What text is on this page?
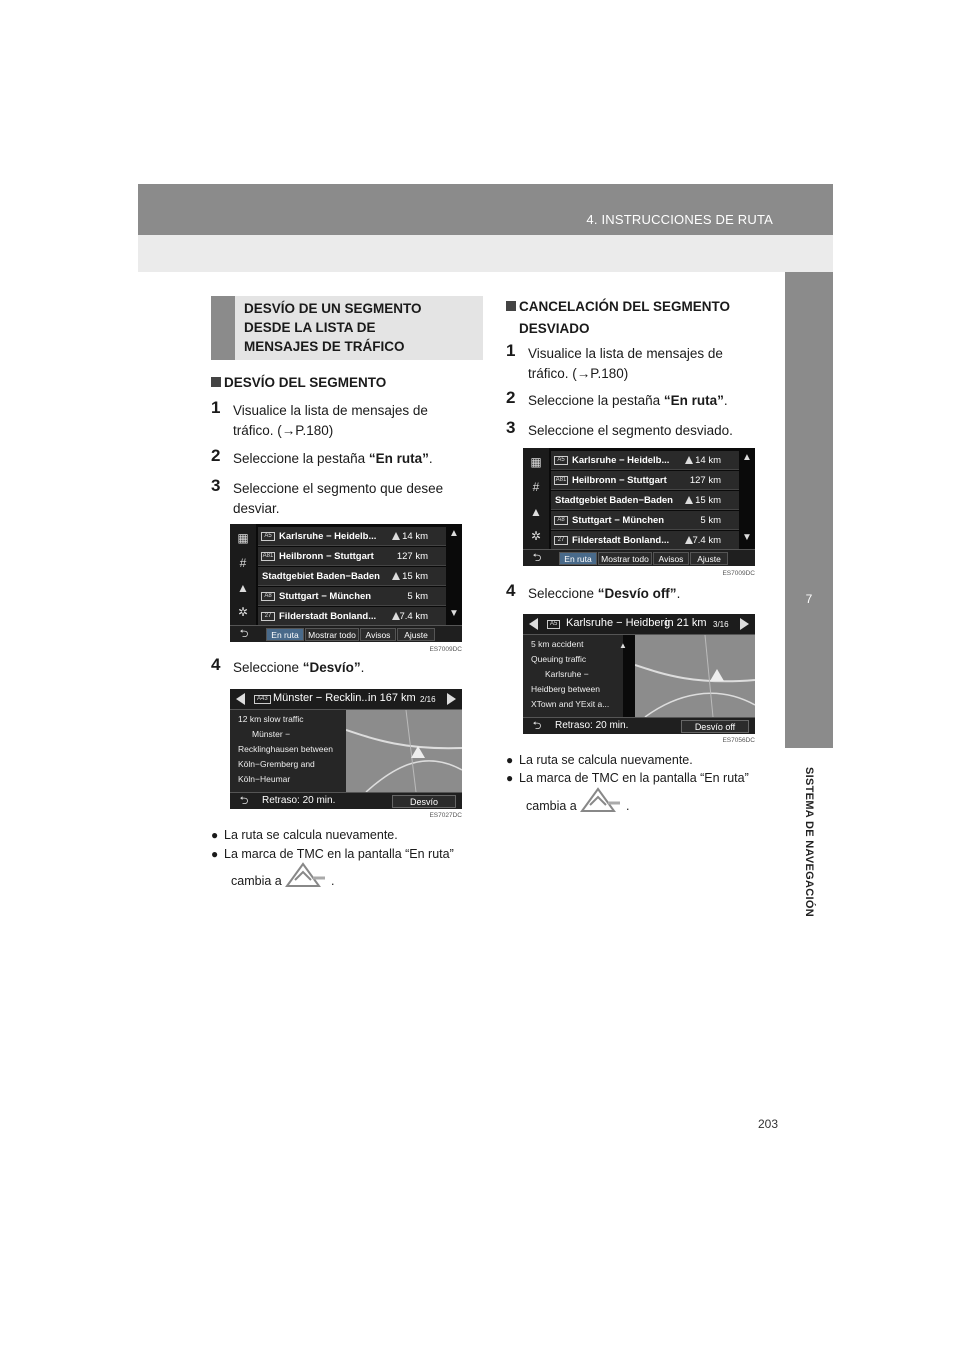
4. INSTRUCCIONES DE RUTA
7
SISTEMA DE NAVEGACIÓN
DESVÍO DE UN SEGMENTO
DESDE LA LISTA DE
MENSAJES DE TRÁFICO
DESVÍO DEL SEGMENTO
1 Visualice la lista de mensajes de
tráfico. (→P.180)
2 Seleccione la pestaña “En ruta”.
3 Seleccione el segmento que desee
desviar.
▦
#
▲
✲
A5 Karlsruhe − Heidelb...	14 km
A81 Heilbronn − Stuttgart 127 km
Stadtgebiet Baden−Baden 15 km
A8 Stuttgart − München	5 km
27 Filderstadt Bonland... 7.4 km
▲
▼
⮌	En ruta	Mostrar todo	Avisos	Ajuste
ES7009DC
4 Seleccione “Desvío”.
A43 Münster − Recklin...
in 167 km 2/16
12 km slow traffic
Münster −
Recklinghausen between
Köln−Gremberg and
Köln−Heumar
⮌	Retraso: 20 min.	Desvío
ES7027DC
● La ruta se calcula nuevamente.
● La marca de TMC en la pantalla “En ruta”
cambia a	.
CANCELACIÓN DEL SEGMENTO
DESVIADO
1 Visualice la lista de mensajes de
tráfico. (→P.180)
2 Seleccione la pestaña “En ruta”.
3 Seleccione el segmento desviado.
▦
#
▲
✲
A5 Karlsruhe − Heidelb...	14 km
A81 Heilbronn − Stuttgart 127 km
Stadtgebiet Baden−Baden 15 km
A8 Stuttgart − München	5 km
27 Filderstadt Bonland... 7.4 km
▲
▼
⮌	En ruta	Mostrar todo	Avisos	Ajuste
ES7009DC
4 Seleccione “Desvío off”.
A5 Karlsruhe − Heidberg
in 21 km 3/16
5 km accident
Queuing traffic
Karlsruhe −
Heidberg between
XTown and YExit a...
▲
⮌	Retraso: 20 min.	Desvío off
ES7056DC
● La ruta se calcula nuevamente.
● La marca de TMC en la pantalla “En ruta”
cambia a	.
203
